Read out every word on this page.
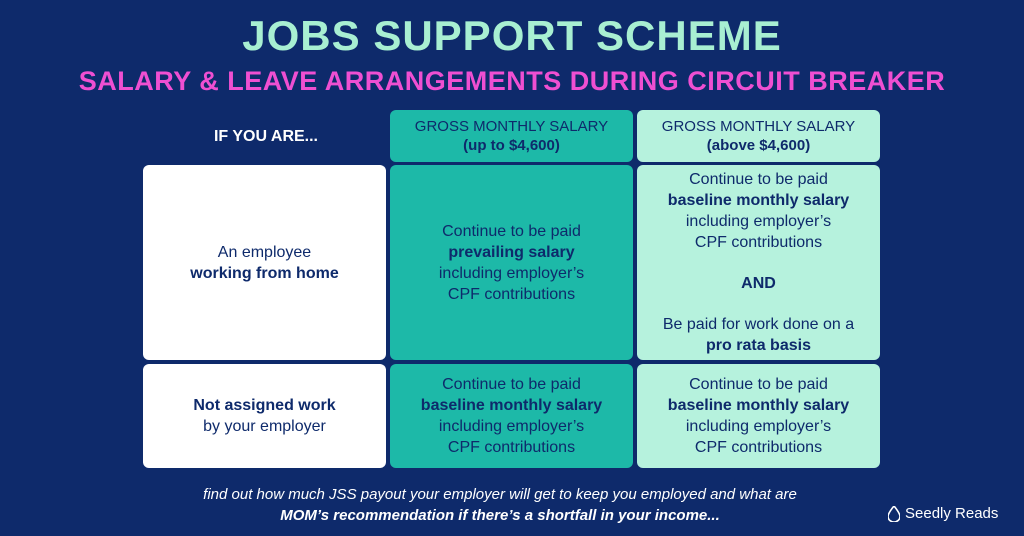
JOBS SUPPORT SCHEME
SALARY & LEAVE ARRANGEMENTS DURING CIRCUIT BREAKER
IF YOU ARE...
GROSS MONTHLY SALARY
(up to $4,600)
GROSS MONTHLY SALARY
(above $4,600)
An employee
working from home
Continue to be paid
prevailing salary
including employer’s
CPF contributions
Continue to be paid
baseline monthly salary
including employer’s
CPF contributions
AND
Be paid for work done on a
pro rata basis
Not assigned work
by your employer
Continue to be paid
baseline monthly salary
including employer’s
CPF contributions
Continue to be paid
baseline monthly salary
including employer’s
CPF contributions
find out how much JSS payout your employer will get to keep you employed and what are
MOM’s recommendation if there’s a shortfall in your income...	Seedly Reads
